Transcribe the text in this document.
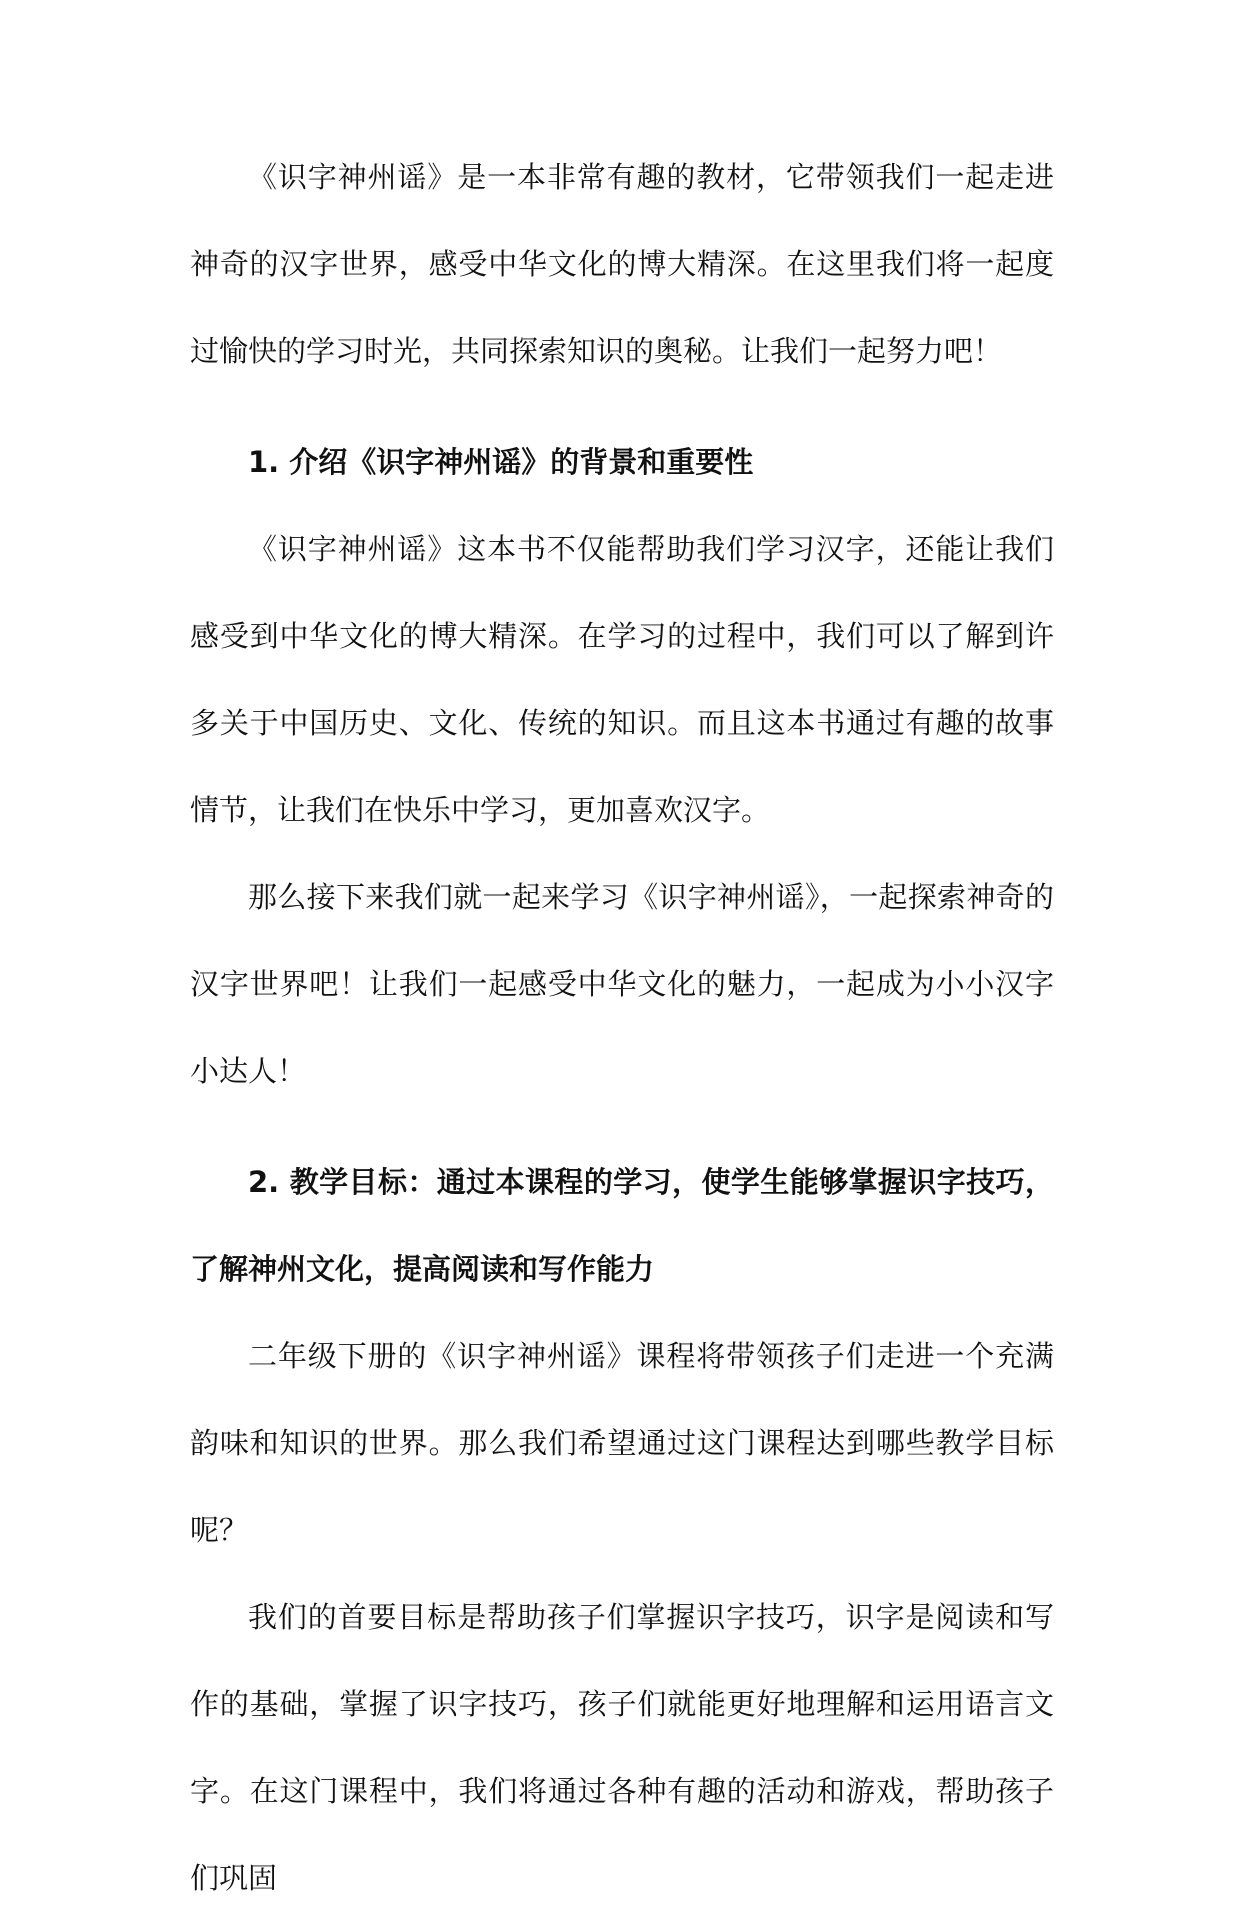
《识字神州谣》是一本非常有趣的教材，它带领我们一起走进神奇的汉字世界，感受中华文化的博大精深。在这里我们将一起度过愉快的学习时光，共同探索知识的奥秘。让我们一起努力吧！

1. 介绍《识字神州谣》的背景和重要性

《识字神州谣》这本书不仅能帮助我们学习汉字，还能让我们感受到中华文化的博大精深。在学习的过程中，我们可以了解到许多关于中国历史、文化、传统的知识。而且这本书通过有趣的故事情节，让我们在快乐中学习，更加喜欢汉字。

那么接下来我们就一起来学习《识字神州谣》，一起探索神奇的汉字世界吧！让我们一起感受中华文化的魅力，一起成为小小汉字小达人！

2. 教学目标：通过本课程的学习，使学生能够掌握识字技巧，了解神州文化，提高阅读和写作能力

二年级下册的《识字神州谣》课程将带领孩子们走进一个充满韵味和知识的世界。那么我们希望通过这门课程达到哪些教学目标呢？

我们的首要目标是帮助孩子们掌握识字技巧，识字是阅读和写作的基础，掌握了识字技巧，孩子们就能更好地理解和运用语言文字。在这门课程中，我们将通过各种有趣的活动和游戏，帮助孩子们巩固
